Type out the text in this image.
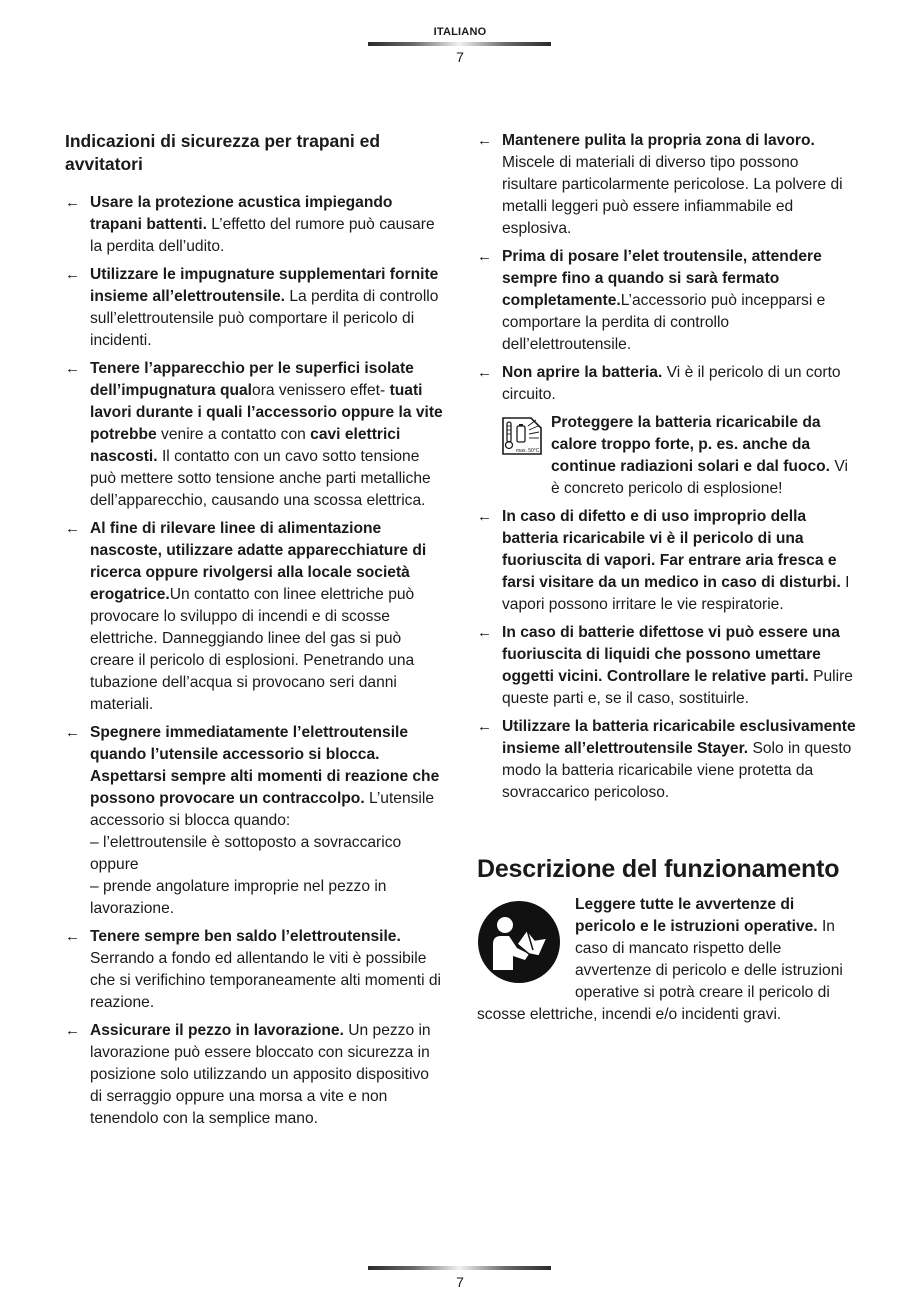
ITALIANO
7
Indicazioni di sicurezza per trapani ed avvitatori
← Usare la protezione acustica impiegando trapani battenti. L’effetto del rumore può causare la perdita dell’udito.
← Utilizzare le impugnature supplementari fornite insieme all’elettroutensile. La perdita di controllo sull’elettroutensile può comportare il pericolo di incidenti.
← Tenere l’apparecchio per le superfici isolate dell’impugnatura qualora venissero effet- tuati lavori durante i quali l’accessorio oppure la vite potrebbe venire a contatto con cavi elettrici nascosti. Il contatto con un cavo sotto tensione può mettere sotto tensione anche parti metalliche dell’apparecchio, causando una scossa elettrica.
← Al fine di rilevare linee di alimentazione nascoste, utilizzare adatte apparecchiature di ricerca oppure rivolgersi alla locale società erogatrice.Un contatto con linee elettriche può provocare lo sviluppo di incendi e di scosse elettriche. Danneggiando linee del gas si può creare il pericolo di esplosioni. Penetrando una tubazione dell’acqua si provocano seri danni materiali.
← Spegnere immediatamente l’elettroutensile quando l’utensile accessorio si blocca. Aspettarsi sempre alti momenti di reazione che possono provocare un contraccolpo. L’utensile accessorio si blocca quando:
– l’elettroutensile è sottoposto a sovraccarico oppure
– prende angolature improprie nel pezzo in lavorazione.
← Tenere sempre ben saldo l’elettroutensile. Serrando a fondo ed allentando le viti è possibile che si verifichino temporaneamente alti momenti di reazione.
← Assicurare il pezzo in lavorazione. Un pezzo in lavorazione può essere bloccato con sicurezza in posizione solo utilizzando un apposito dispositivo di serraggio oppure una morsa a vite e non tenendolo con la semplice mano.
← Mantenere pulita la propria zona di lavoro. Miscele di materiali di diverso tipo possono risultare particolarmente pericolose. La polvere di metalli leggeri può essere infiammabile ed esplosiva.
← Prima di posare l’elet troutensile, attendere sempre fino a quando si sarà fermato completamente.L’accessorio può incepparsi e comportare la perdita di controllo dell’elettroutensile.
← Non aprire la batteria. Vi è il pericolo di un corto circuito.
max. 50°C
Proteggere la batteria ricaricabile da calore troppo forte, p. es. anche da continue radiazioni solari e dal fuoco. Vi è concreto pericolo di esplosione!
← In caso di difetto e di uso improprio della batteria ricaricabile vi è il pericolo di una fuoriuscita di vapori. Far entrare aria fresca e farsi visitare da un medico in caso di disturbi. I vapori possono irritare le vie respiratorie.
← In caso di batterie difettose vi può essere una fuoriuscita di liquidi che possono umettare oggetti vicini. Controllare le relative parti. Pulire queste parti e, se il caso, sostituirle.
← Utilizzare la batteria ricaricabile esclusivamente insieme all’elettroutensile Stayer. Solo in questo modo la batteria ricaricabile viene protetta da sovraccarico pericoloso.
Descrizione del funzionamento
Leggere tutte le avvertenze di pericolo e le istruzioni operative. In caso di mancato rispetto delle avvertenze di pericolo e delle istruzioni operative si potrà creare il pericolo di scosse elettriche, incendi e/o incidenti gravi.
7
